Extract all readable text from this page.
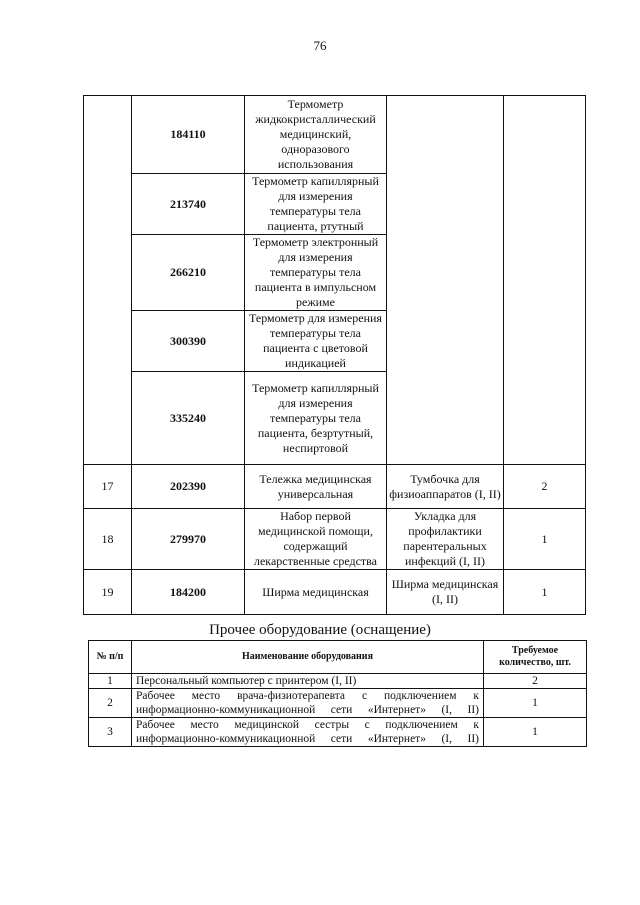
76
	184110	Термометр жидкокристаллический медицинский, одноразового использования		
	213740	Термометр капиллярный для измерения температуры тела пациента, ртутный		
	266210	Термометр электронный для измерения температуры тела пациента в импульсном режиме		
	300390	Термометр для измерения температуры тела пациента с цветовой индикацией		
	335240	Термометр капиллярный для измерения температуры тела пациента, безртутный, неспиртовой		
17	202390	Тележка медицинская универсальная	Тумбочка для физиоаппаратов (I, II)	2
18	279970	Набор первой медицинской помощи, содержащий лекарственные средства	Укладка для профилактики парентеральных инфекций (I, II)	1
19	184200	Ширма медицинская	Ширма медицинская (I, II)	1
Прочее оборудование (оснащение)
№ п/п	Наименование оборудования	Требуемое количество, шт.
1	Персональный компьютер с принтером (I, II)	2
2	Рабочее место врача-физиотерапевта с подключением к информационно-коммуникационной сети «Интернет» (I, II)	1
3	Рабочее место медицинской сестры с подключением к информационно-коммуникационной сети «Интернет» (I, II)	1
